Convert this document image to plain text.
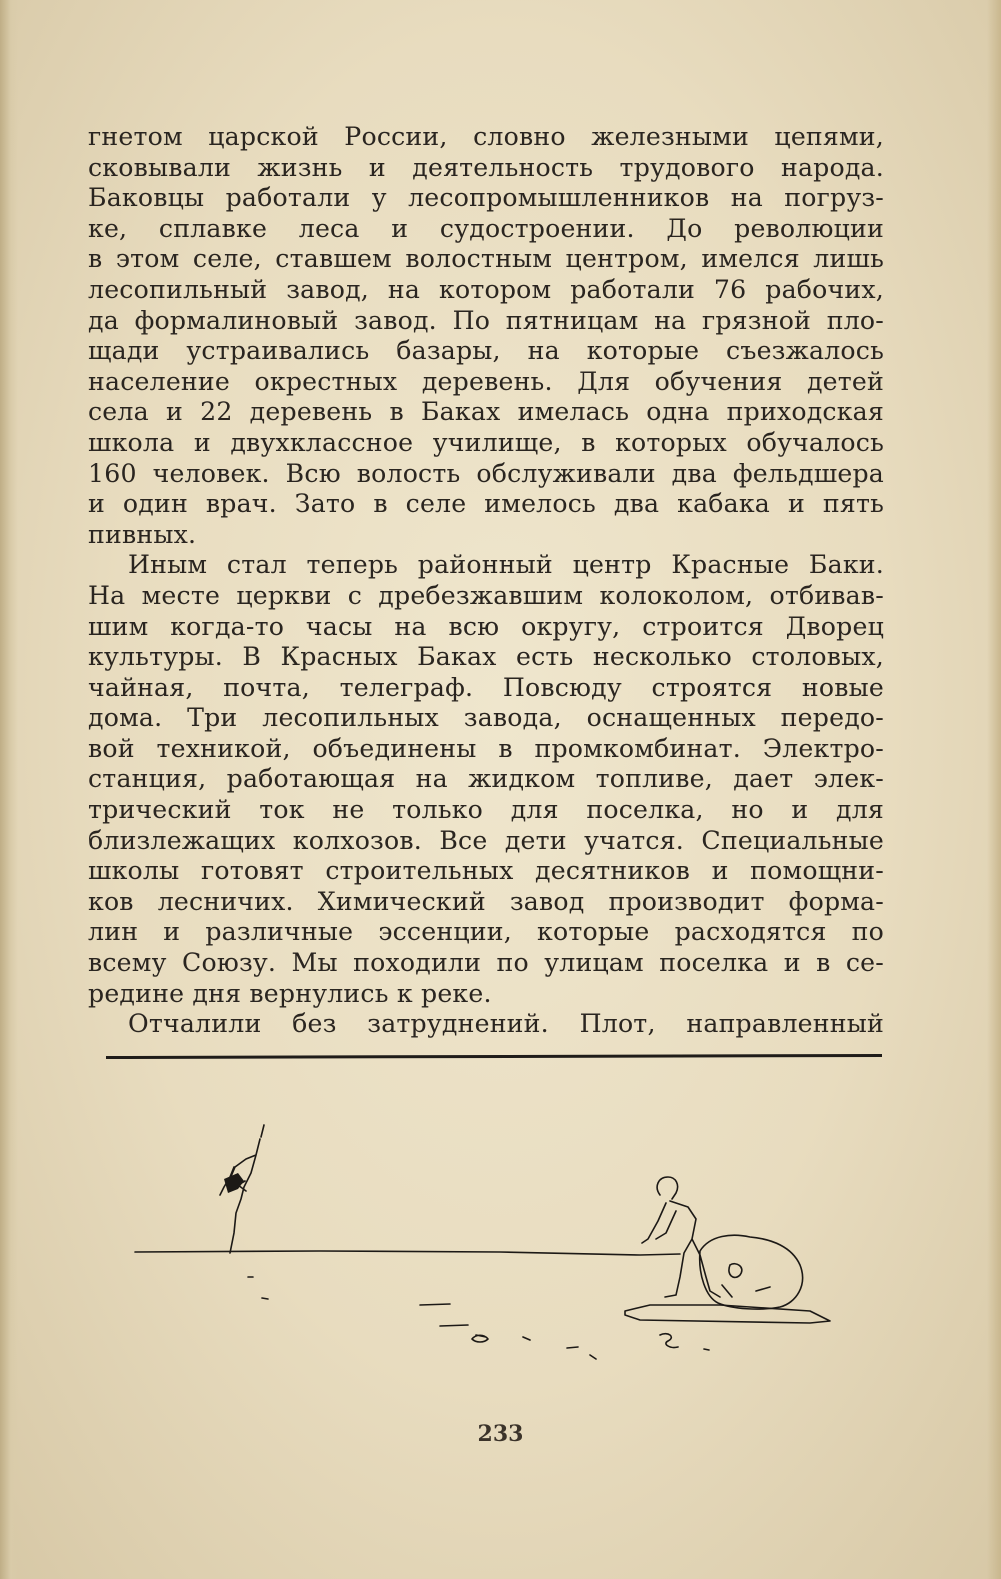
гнетом царской России, словно железными цепями,
сковывали жизнь и деятельность трудового народа.
Баковцы работали у лесопромышленников на погруз-
ке, сплавке леса и судостроении. До революции
в этом селе, ставшем волостным центром, имелся лишь
лесопильный завод, на котором работали 76 рабочих,
да формалиновый завод. По пятницам на грязной пло-
щади устраивались базары, на которые съезжалось
население окрестных деревень. Для обучения детей
села и 22 деревень в Баках имелась одна приходская
школа и двухклассное училище, в которых обучалось
160 человек. Всю волость обслуживали два фельдшера
и один врач. Зато в селе имелось два кабака и пять
пивных.
Иным стал теперь районный центр Красные Баки.
На месте церкви с дребезжавшим колоколом, отбивав-
шим когда-то часы на всю округу, строится Дворец
культуры. В Красных Баках есть несколько столовых,
чайная, почта, телеграф. Повсюду строятся новые
дома. Три лесопильных завода, оснащенных передо-
вой техникой, объединены в промкомбинат. Электро-
станция, работающая на жидком топливе, дает элек-
трический ток не только для поселка, но и для
близлежащих колхозов. Все дети учатся. Специальные
школы готовят строительных десятников и помощни-
ков лесничих. Химический завод производит форма-
лин и различные эссенции, которые расходятся по
всему Союзу. Мы походили по улицам поселка и в се-
редине дня вернулись к реке.
Отчалили без затруднений. Плот, направленный
233
